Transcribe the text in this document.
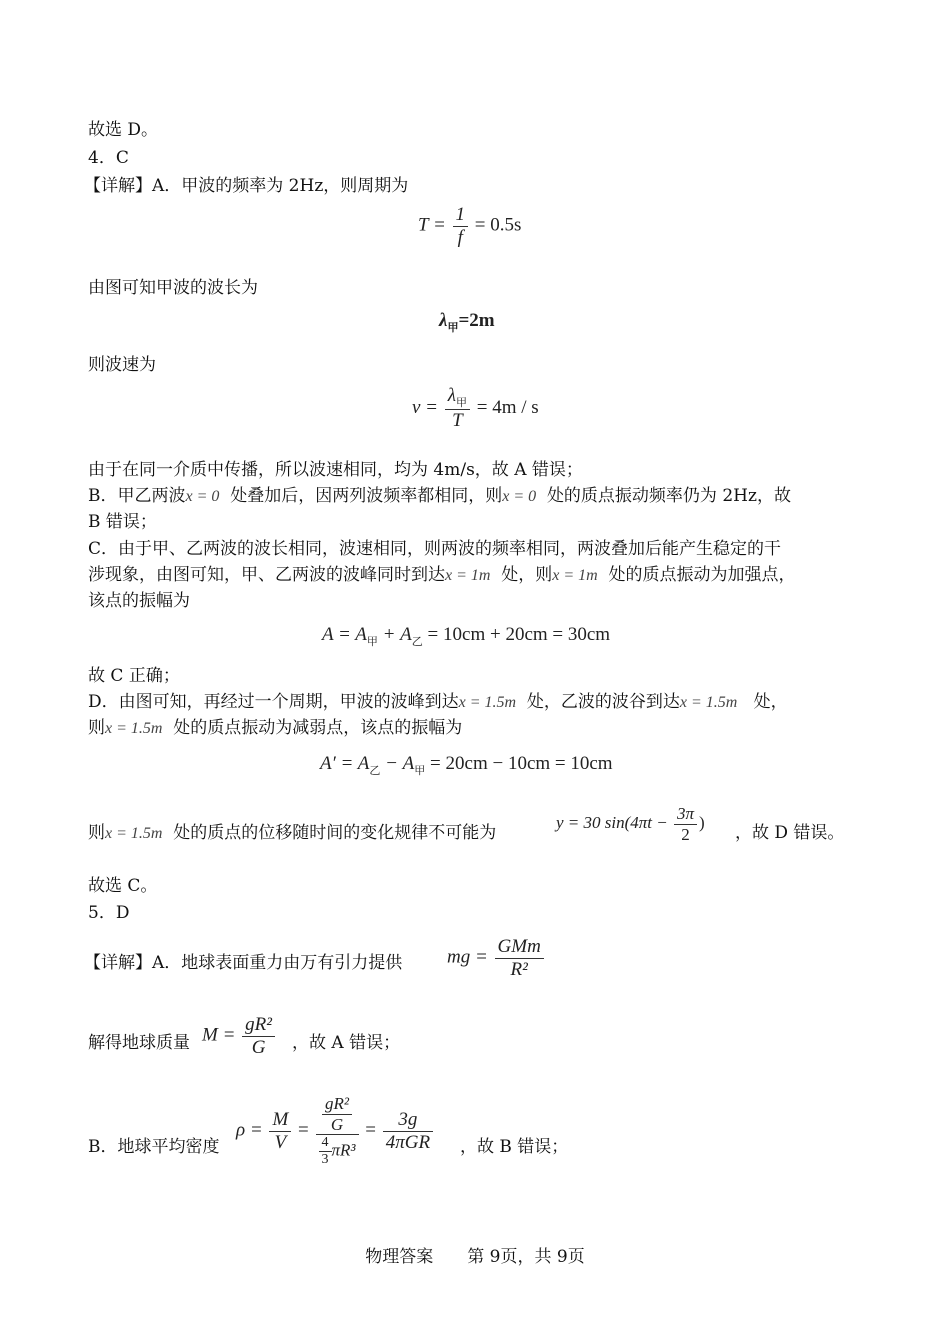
故选 D。
4．C
【详解】A．甲波的频率为 2Hz，则周期为
$T = \frac{1}{f} = 0.5s$
由图可知甲波的波长为
$\lambda_甲=2m$
则波速为
$v = \frac{\lambda_甲}{T} = 4m / s$
由于在同一介质中传播，所以波速相同，均为 4m/s，故 A 错误；
B．甲乙两波x = 0 处叠加后，因两列波频率都相同，则x = 0 处的质点振动频率仍为 2Hz，故
B 错误；
C．由于甲、乙两波的波长相同，波速相同，则两波的频率相同，两波叠加后能产生稳定的干
涉现象，由图可知，甲、乙两波的波峰同时到达x = 1m 处，则x = 1m 处的质点振动为加强点，
该点的振幅为
$A = A_甲 + A_乙 = 10cm + 20cm = 30cm$
故 C 正确；
D．由图可知，再经过一个周期，甲波的波峰到达x = 1.5m 处，乙波的波谷到达x = 1.5m 处，
则x = 1.5m 处的质点振动为减弱点，该点的振幅为
$A' = A_乙 - A_甲 = 20cm - 10cm = 10cm$
则x = 1.5m 处的质点的位移随时间的变化规律不可能为
y = 30 $\sin(4\pi t - \frac{3\pi}{2}$ )
，故 D 错误。
故选 C。
5．D
【详解】A．地球表面重力由万有引力提供 mg = $\frac{\text{GMm}}{\text{R²}}$
解得地球质量 $M = \frac{\text{gR²}}{G}$ ，故 A 错误；
B．地球平均密度
$\rho = \frac{M}{V} = \frac{\frac{\text{gR²}}{G}}{\frac{4}{3} \pi R^3} = \frac{3g}{\text{4πGR}}$ ，故 B 错误；
物理答案 第 9页，共 9页
